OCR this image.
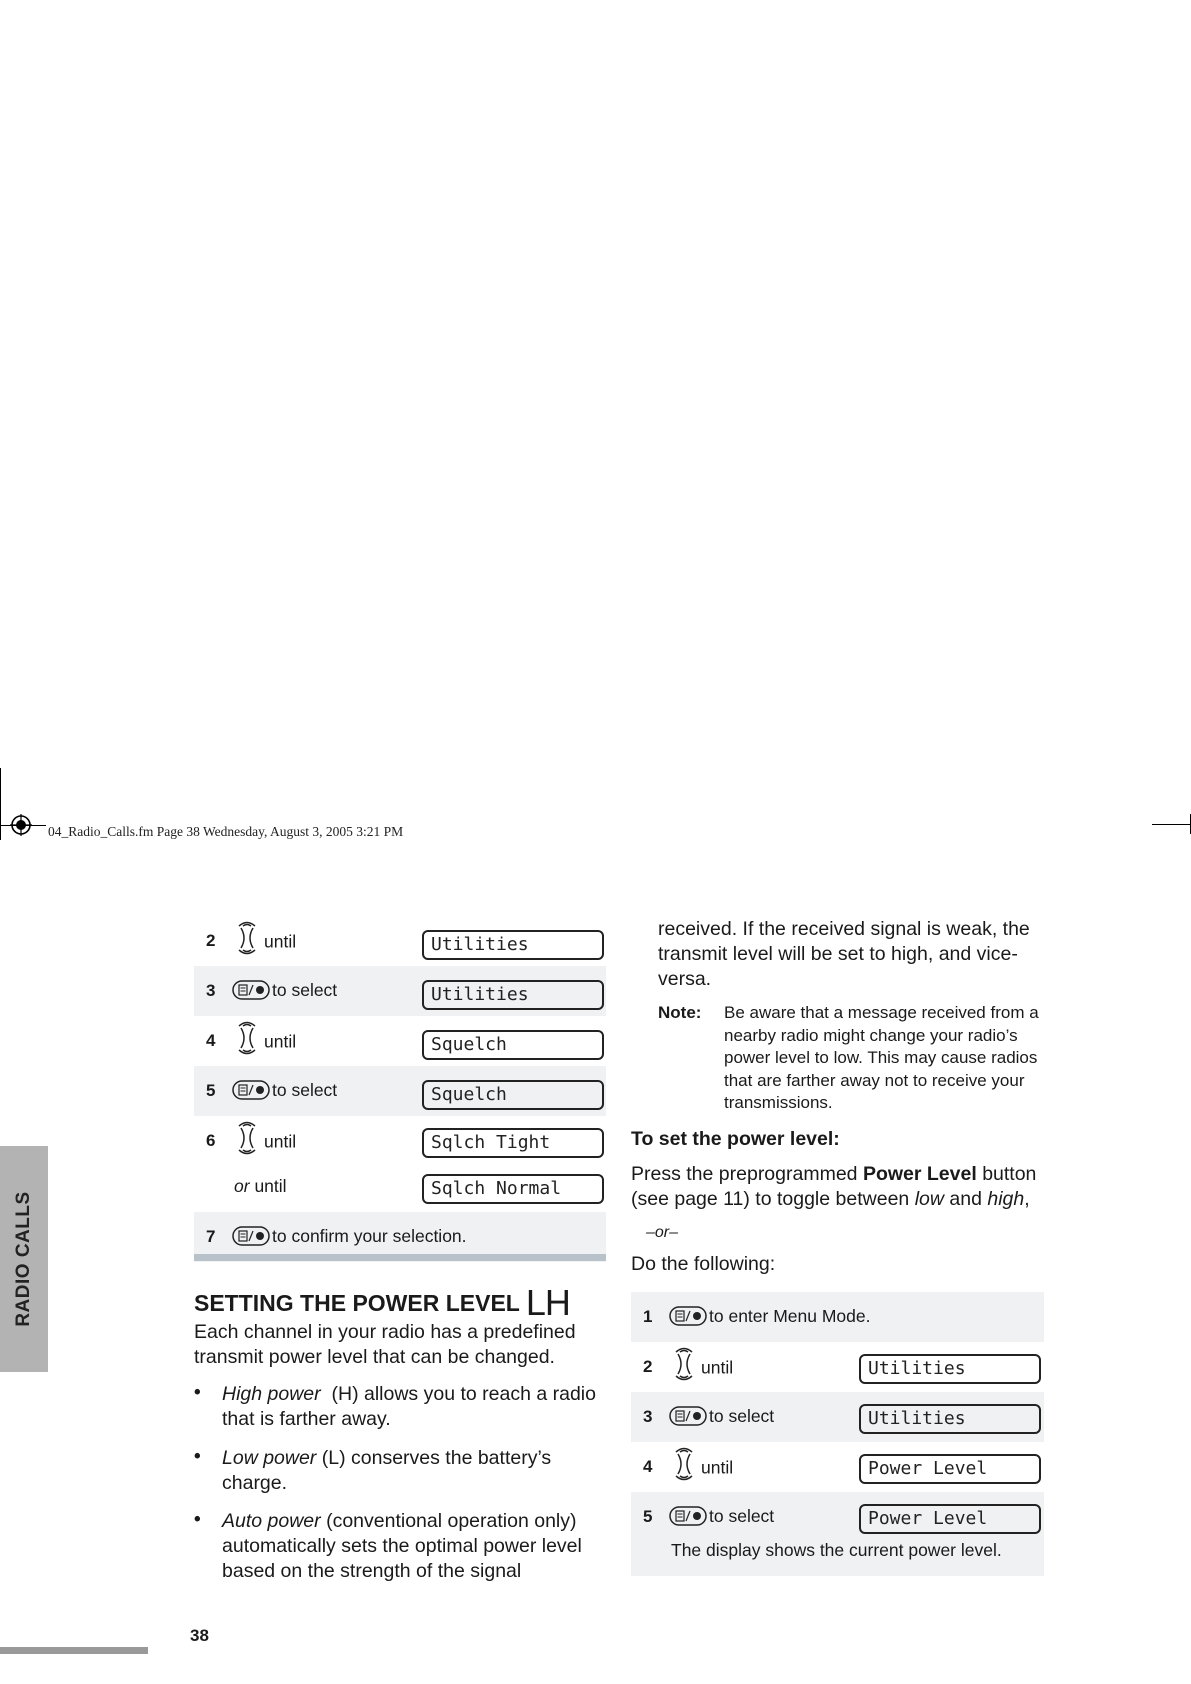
04_Radio_Calls.fm Page 38 Wednesday, August 3, 2005 3:21 PM
RADIO CALLS
2	until	Utilities
3	to select	Utilities
4	until	Squelch
5	to select	Squelch
6	until	Sqlch Tight
or until	Sqlch Normal
7	to confirm your selection.
SETTING THE POWER LEVEL LH
Each channel in your radio has a predefined transmit power level that can be changed.
• High power  (H) allows you to reach a radio
that is farther away.
• Low power (L) conserves the battery’s
charge.
• Auto power (conventional operation only)
automatically sets the optimal power level
based on the strength of the signal
received. If the received signal is weak, the transmit level will be set to high, and vice-versa.
Note: Be aware that a message received from a nearby radio might change your radio’s power level to low. This may cause radios that are farther away not to receive your transmissions.
To set the power level:
Press the preprogrammed Power Level button (see page 11) to toggle between low and high,
–or–
Do the following:
1	to enter Menu Mode.
2	until	Utilities
3	to select	Utilities
4	until	Power Level
5	to select	Power Level
The display shows the current power level.
38
